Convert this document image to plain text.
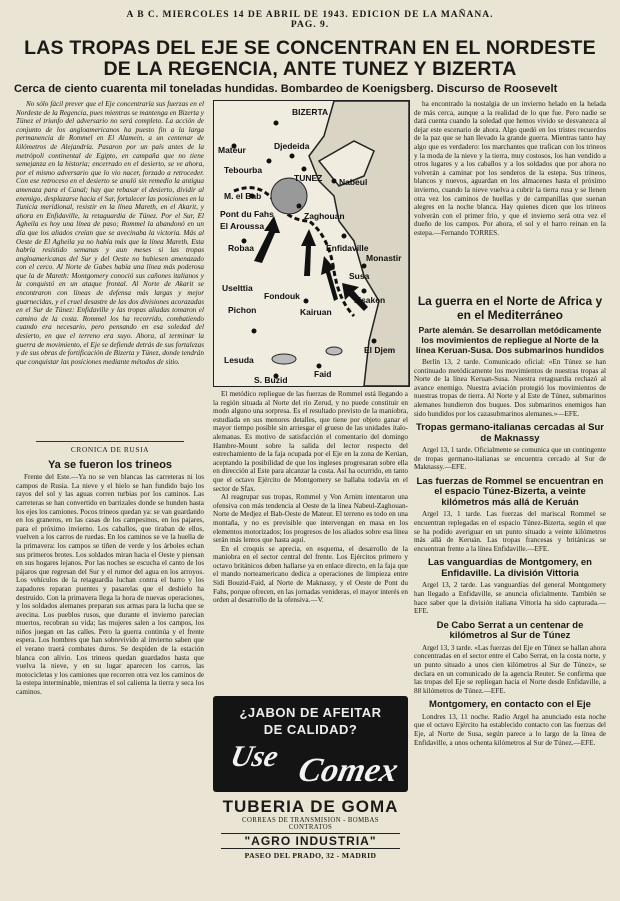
A B C. MIERCOLES 14 DE ABRIL DE 1943. EDICION DE LA MAÑANA. PAG. 9.
LAS TROPAS DEL EJE SE CONCENTRAN EN EL NORDESTE
DE LA REGENCIA, ANTE TUNEZ Y BIZERTA
Cerca de ciento cuarenta mil toneladas hundidas. Bombardeo de Koenigsberg. Discurso de Roosevelt
No sólo fácil prever que el Eje concentraría sus fuerzas en el Nordeste de la Regencia, pues mientras se mantenga en Bizerta y Túnez el triunfo del adversario no será completo. La acción de conjunto de los angloamericanos ha puesto fin a la larga permanencia de Rommel en El Alamein, a un centenar de kilómetros de Alejandría. Pasaron por un país antes de la metrópoli continental de Egipto, en campaña que no tiene semejanza en la historia; encerrado en el desierto, se ve ahora, por el mismo adversario que lo vio nacer, forzado a retroceder. Con ese retroceso en el desierto se anuló sin remedio la antigua amenaza para el Canal; hay que rebasar el desierto, dividir al enemigo, desplazarse hacia el Sur, fortalecer las posiciones en la Tunicia meridional, resistir en la línea Mareth, en el Akarit, y ahora en Enfidaville, la retaguardia de Túnez. Por el Sur, El Agheila es hoy una línea de paso; Rommel la abandonó en un día que los aliados creían que se avecinaba la victoria. Más al Oeste de El Agheila ya no había más que la línea Mareth. Esta habría resistido semanas y aun meses si las tropas angloamericanas del Sur y del Oeste no hubiesen amenazado con el cerco. Al Norte de Gabes había una línea más poderosa que la de Mareth: Montgomery conoció sus cañones italianos y la conquistó en un ataque frontal. Al Norte de Akarit se encontraron con líneas de defensa más largas y mejor guarnecidas, y el cruel desastre de las dos divisiones acorazadas en el Sur de Túnez: Enfidaville y las tropas aliadas tomaron el camino de la costa. Rommel los ha recorrido, combatiendo cuando era necesario, pero pensando en esa soledad del desierto, en que el terreno era suyo. Ahora, al terminar la guerra de movimiento, el Eje se defiende detrás de sus fortalezas y de sus obras de fortificación de Bizerta y Túnez, donde tendrán que conquistar las posiciones mediante métodos de sitio.
CRONICA DE RUSIA
Ya se fueron los trineos
Frente del Este.—Ya no se ven blancas las carreteras ni los campos de Rusia. La nieve y el hielo se han fundido bajo los rayos del sol y las aguas corren turbias por los caminos. Las carreteras se han convertido en barrizales donde se hunden hasta los ejes los camiones. Pocos trineos quedan ya: se van guardando en los graneros, en las casas de los campesinos, en los pajares, para el próximo invierno. Los caballos, que tiraban de ellos, vuelven a los carros de ruedas. En los caminos se ve la huella de la primavera: los campos se tiñen de verde y los árboles echan sus primeros brotes. Los soldados miran hacia el Oeste y piensan en sus hogares lejanos. Por las noches se escucha el canto de los pájaros que regresan del Sur y el rumor del agua en los arroyos. Los vehículos de la retaguardia luchan contra el barro y los zapadores reparan puentes y pasarelas que el deshielo ha destruido. Con la primavera llega la hora de nuevas operaciones, y los soldados alemanes preparan sus armas para la lucha que se avecina. Los pueblos rusos, que durante el invierno parecían muertos, recobran su vida; las mujeres salen a los campos, los niños juegan en las calles. Pero la guerra continúa y el frente espera. Los hombres que han sobrevivido al invierno saben que el verano traerá combates duros. Se despiden de la estación blanca con alivio. Los trineos quedan guardados hasta que vuelva la nieve, y en su lugar aparecen los carros, las motocicletas y los camiones que recorren otra vez los caminos de la estepa interminable, mientras el sol calienta la tierra y seca los caminos.
BIZERTA
Mateur
Tebourba
Djedeida
TUNEZ
M. el Bab
Nabeul
Zaghouan
Pont du Fahs
El Aroussa
Enfidaville
Robaa
Uselttia
Kairuan
Susa
Monastir
Pichon
Fondouk	Msaken
El Djem
Lesuda
Faid
S. Buzid
El metódico repliegue de las fuerzas de Rommel está llegando a la región situada al Norte del río Zerud, y no puede constituir en modo alguno una sorpresa. Es el resultado previsto de la maniobra, estudiada en sus menores detalles, que tiene por objeto ganar el mayor tiempo posible sin arriesgar el grueso de las unidades ítalo-alemanas. Es motivo de satisfacción el comentario del domingo Hambre-Mount sobre la salida del lector respecto del estrechamiento de la faja ocupada por el Eje en la zona de Kerúan, aceptando la posibilidad de que los ingleses progresaran sobre ella en dirección al Este para alcanzar la costa. Así ha ocurrido, en tanto que el octavo Ejército de Montgomery se hallaba todavía en el sector de Sfax.
Al reagrupar sus tropas, Rommel y Von Arnim intentaron una ofensiva con más tendencia al Oeste de la línea Nabeul-Zaghouan-Norte de Medjez el Bab-Oeste de Mateur. El terreno es todo en una montaña, y no es previsible que intervengan en masa en los elementos motorizados; los progresos de los aliados sobre esa línea serán más lentos que hasta aquí.
En el croquis se aprecia, en esquema, el desarrollo de la maniobra en el sector central del frente. Los Ejércitos primero y octavo británicos deben hallarse ya en enlace directo, en la faja que el mando norteamericano dedica a operaciones de limpieza entre Sidi Bouzid-Faid, al Norte de Maknassy, y el Oeste de Pont du Fahs, porque ofrecen, en las jornadas venideras, el mayor interés en orden al desarrollo de la ofensiva.—V.
¿JABON DE AFEITAR
DE CALIDAD?
Use Comex
TUBERIA DE GOMA
CORREAS DE TRANSMISION - BOMBAS
CONTRATOS
"AGRO INDUSTRIA"
PASEO DEL PRADO, 32 - MADRID
ha encontrado la nostalgia de un invierno helado en la helada de más cerca, aunque a la realidad de lo que fue. Pero nadie se dará cuenta cuando la soledad que hemos vivido se desvanezca al dejar este escenario de ahora. Algo quedó en los tristes recuerdos de la paz que se han llevado la grande guerra. Mientras tanto hay algo que es verdadero: los marchantes que trafican con los trineos y la moda de la nieve y la tierra, muy costosos, los han vendido a otros lugares y a los caballos y a los soldados que por ahora no volverán a caminar por los senderos de la estepa. Sus trineos, blancos y nuevos, aguardan en los almacenes hasta el próximo invierno, cuando la nieve vuelva a cubrir la tierra rusa y se llenen otra vez los caminos de huellas y de campanillas que suenan alegres en la noche blanca. Hay quienes dicen que los trineos volverán con el primer frío, y que el invierno será otra vez el dueño de los campos. Por ahora, el sol y el barro reinan en la estepa.—Fernando TORRES.
La guerra en el Norte de Africa y en el Mediterráneo
Parte alemán. Se desarrollan metódicamente los movimientos de repliegue al Norte de la línea Keruan-Susa. Dos submarinos hundidos
Berlín 13, 2 tarde. Comunicado oficial: «En Túnez se han continuado metódicamente los movimientos de nuestras tropas al Norte de la línea Keruan-Susa. Nuestra retaguardia rechazó al avance enemigo. Nuestra aviación protegió los movimientos de nuestras tropas de tierra. Al Norte y al Este de Túnez, submarinos alemanes hundieron dos buques. Dos submarinos enemigos han sido hundidos por los cazasubmarinos alemanes.»—EFE.
Tropas germano-italianas cercadas al Sur de Maknassy
Argel 13, 1 tarde. Oficialmente se comunica que un contingente de tropas germano-italianas se encuentra cercado al Sur de Maknassy.—EFE.
Las fuerzas de Rommel se encuentran en el espacio Túnez-Bizerta, a veinte kilómetros más allá de Keruán
Argel 13, 1 tarde. Las fuerzas del mariscal Rommel se encuentran replegadas en el espacio Túnez-Bizerta, según el que se ha podido averiguar en un punto situado a veinte kilómetros más allá de Keruán. Las tropas francesas y británicas se encuentran frente a la línea Enfidaville.—EFE.
Las vanguardias de Montgomery, en Enfidaville. La división Vittoria
Argel 13, 2 tarde. Las vanguardias del general Montgomery han llegado a Enfidaville, se anuncia oficialmente. También se hace saber que la división italiana Vittoria ha sido capturada.—EFE.
De Cabo Serrat a un centenar de kilómetros al Sur de Túnez
Argel 13, 3 tarde. «Las fuerzas del Eje en Túnez se hallan ahora concentradas en el sector entre el Cabo Serrat, en la costa norte, y un punto situado a unos cien kilómetros al Sur de Túnez», se declara en un comunicado de la agencia Reuter. Se confirma que las tropas del Eje se repliegan hacia el Norte desde Enfidaville, a 88 kilómetros de Túnez.—EFE.
Montgomery, en contacto con el Eje
Londres 13, 11 noche. Radio Argel ha anunciado esta noche que el octavo Ejército ha establecido contacto con las fuerzas del Eje, al Norte de Susa, según parece a lo largo de la línea de Enfidaville, a unos ochenta kilómetros al Sur de Túnez.—EFE.
